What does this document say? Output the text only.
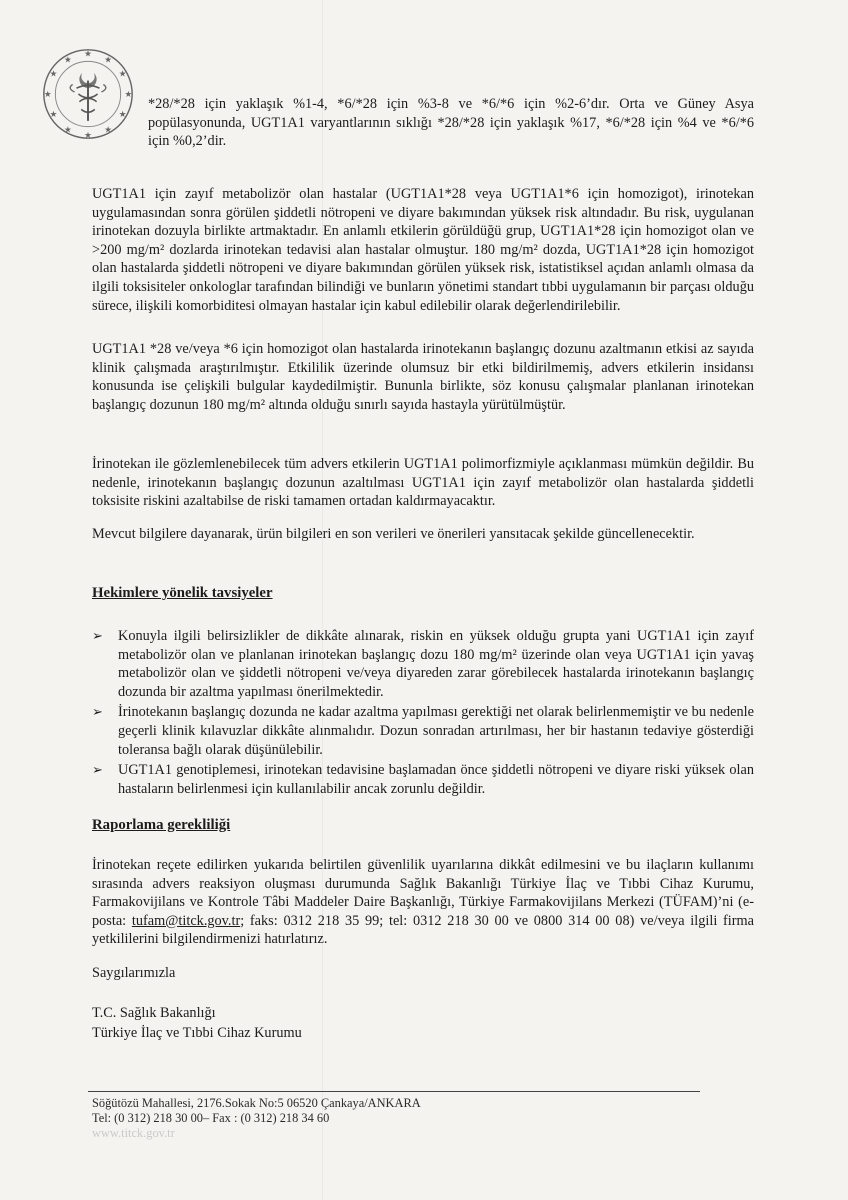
★
★
★
★
★
★
★
★
★
★
★
★

*28/*28 için yaklaşık %1-4, *6/*28 için %3-8 ve *6/*6 için %2-6’dır. Orta ve Güney Asya popülasyonunda, UGT1A1 varyantlarının sıklığı *28/*28 için yaklaşık %17, *6/*28 için %4 ve *6/*6 için %0,2’dir.

UGT1A1 için zayıf metabolizör olan hastalar (UGT1A1*28 veya UGT1A1*6 için homozigot), irinotekan uygulamasından sonra görülen şiddetli nötropeni ve diyare bakımından yüksek risk altındadır. Bu risk, uygulanan irinotekan dozuyla birlikte artmaktadır. En anlamlı etkilerin görüldüğü grup, UGT1A1*28 için homozigot olan ve >200 mg/m² dozlarda irinotekan tedavisi alan hastalar olmuştur. 180 mg/m² dozda, UGT1A1*28 için homozigot olan hastalarda şiddetli nötropeni ve diyare bakımından görülen yüksek risk, istatistiksel açıdan anlamlı olmasa da ilgili toksisiteler onkologlar tarafından bilindiği ve bunların yönetimi standart tıbbi uygulamanın bir parçası olduğu sürece, ilişkili komorbiditesi olmayan hastalar için kabul edilebilir olarak değerlendirilebilir.

UGT1A1 *28 ve/veya *6 için homozigot olan hastalarda irinotekanın başlangıç dozunu azaltmanın etkisi az sayıda klinik çalışmada araştırılmıştır. Etkililik üzerinde olumsuz bir etki bildirilmemiş, advers etkilerin insidansı konusunda ise çelişkili bulgular kaydedilmiştir. Bununla birlikte, söz konusu çalışmalar planlanan irinotekan başlangıç dozunun 180 mg/m² altında olduğu sınırlı sayıda hastayla yürütülmüştür.

İrinotekan ile gözlemlenebilecek tüm advers etkilerin UGT1A1 polimorfizmiyle açıklanması mümkün değildir. Bu nedenle, irinotekanın başlangıç dozunun azaltılması UGT1A1 için zayıf metabolizör olan hastalarda şiddetli toksisite riskini azaltabilse de riski tamamen ortadan kaldırmayacaktır.

Mevcut bilgilere dayanarak, ürün bilgileri en son verileri ve önerileri yansıtacak şekilde güncellenecektir.

Hekimlere yönelik tavsiyeler
➢	Konuyla ilgili belirsizlikler de dikkâte alınarak, riskin en yüksek olduğu grupta yani UGT1A1 için zayıf metabolizör olan ve planlanan irinotekan başlangıç dozu 180 mg/m² üzerinde olan veya UGT1A1 için yavaş metabolizör olan ve şiddetli nötropeni ve/veya diyareden zarar görebilecek hastalarda irinotekanın başlangıç dozunda bir azaltma yapılması önerilmektedir.
➢	İrinotekanın başlangıç dozunda ne kadar azaltma yapılması gerektiği net olarak belirlenmemiştir ve bu nedenle geçerli klinik kılavuzlar dikkâte alınmalıdır. Dozun sonradan artırılması, her bir hastanın tedaviye gösterdiği toleransa bağlı olarak düşünülebilir.
➢	UGT1A1 genotiplemesi, irinotekan tedavisine başlamadan önce şiddetli nötropeni ve diyare riski yüksek olan hastaların belirlenmesi için kullanılabilir ancak zorunlu değildir.
Raporlama gerekliliği

İrinotekan reçete edilirken yukarıda belirtilen güvenlilik uyarılarına dikkât edilmesini ve bu ilaçların kullanımı sırasında advers reaksiyon oluşması durumunda Sağlık Bakanlığı Türkiye İlaç ve Tıbbi Cihaz Kurumu, Farmakovijilans ve Kontrole Tâbi Maddeler Daire Başkanlığı, Türkiye Farmakovijilans Merkezi (TÜFAM)’ni (e-posta: tufam@titck.gov.tr; faks: 0312 218 35 99; tel: 0312 218 30 00 ve 0800 314 00 08) ve/veya ilgili firma yetkililerini bilgilendirmenizi hatırlatırız.

Saygılarımızla
T.C. Sağlık Bakanlığı
Türkiye İlaç ve Tıbbi Cihaz Kurumu
Söğütözü Mahallesi, 2176.Sokak No:5 06520 Çankaya/ANKARA
Tel: (0 312) 218 30 00– Fax : (0 312) 218 34 60
www.titck.gov.tr
